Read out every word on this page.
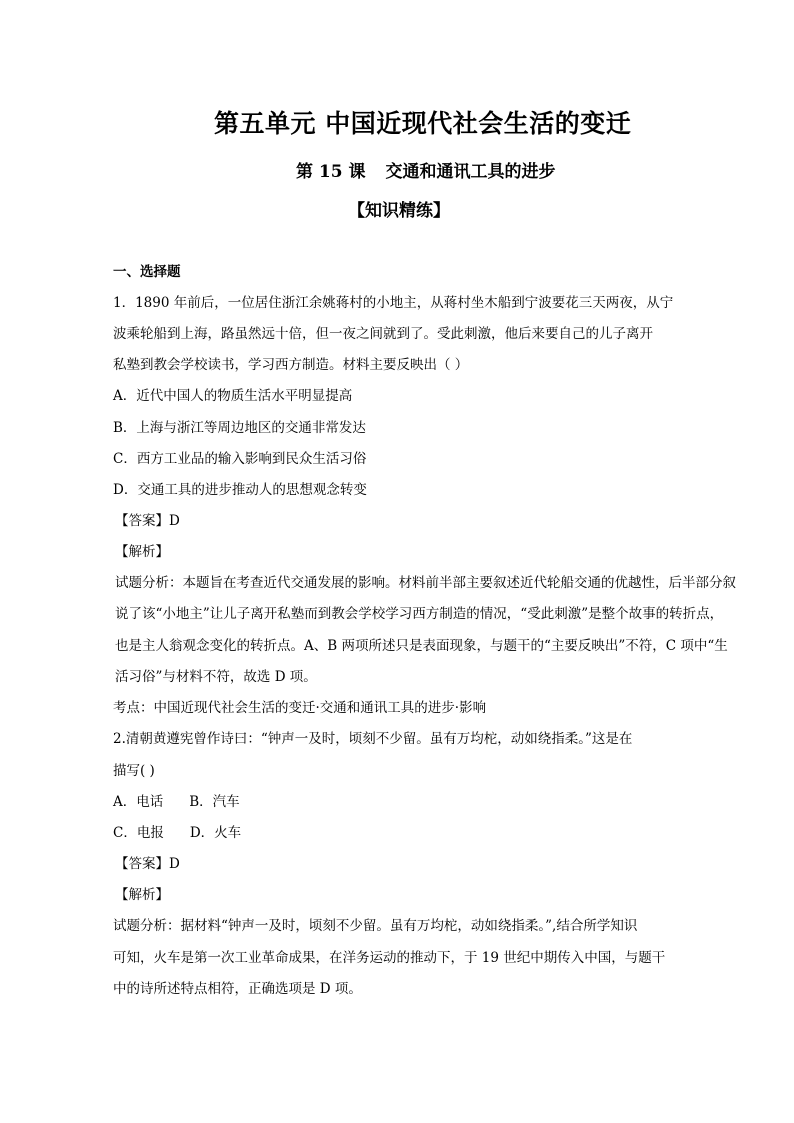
第五单元 中国近现代社会生活的变迁
第 15 课 交通和通讯工具的进步
【知识精练】
一、选择题
1．1890 年前后，一位居住浙江余姚蒋村的小地主，从蒋村坐木船到宁波要花三天两夜，从宁
波乘轮船到上海，路虽然远十倍，但一夜之间就到了。受此刺激，他后来要自己的儿子离开
私塾到教会学校读书，学习西方制造。材料主要反映出（ ）
A．近代中国人的物质生活水平明显提高
B．上海与浙江等周边地区的交通非常发达
C．西方工业品的输入影响到民众生活习俗
D．交通工具的进步推动人的思想观念转变
【答案】D
【解析】
试题分析：本题旨在考查近代交通发展的影响。材料前半部主要叙述近代轮船交通的优越性，后半部分叙
说了该“小地主”让儿子离开私塾而到教会学校学习西方制造的情况，“受此刺激”是整个故事的转折点，
也是主人翁观念变化的转折点。A、B 两项所述只是表面现象，与题干的“主要反映出”不符，C 项中“生
活习俗”与材料不符，故选 D 项。
考点：中国近现代社会生活的变迁·交通和通讯工具的进步·影响
2.清朝黄遵宪曾作诗曰：“钟声一及时，顷刻不少留。虽有万均柁，动如绕指柔。”这是在
描写( )
A．电话 B．汽车
C．电报 D．火车
【答案】D
【解析】
试题分析：据材料“钟声一及时，顷刻不少留。虽有万均柁，动如绕指柔。”,结合所学知识
可知，火车是第一次工业革命成果，在洋务运动的推动下，于 19 世纪中期传入中国，与题干
中的诗所述特点相符，正确选项是 D 项。
